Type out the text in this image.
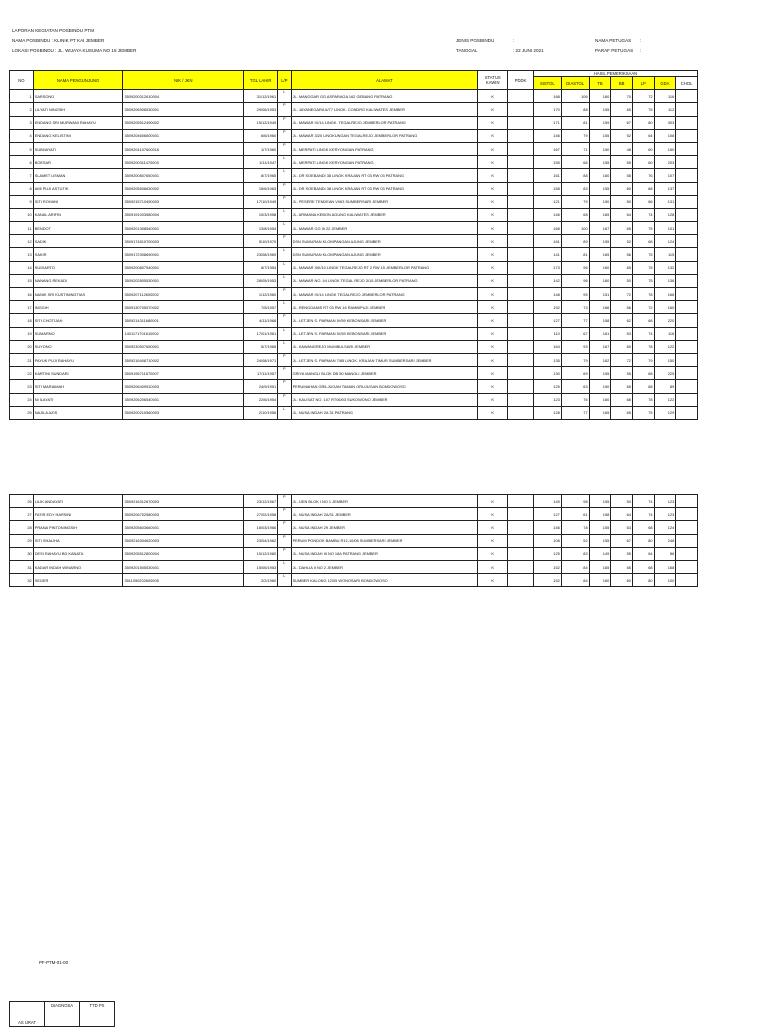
LAPORAN KEGIATAN POSBINDU PTM
NAMA POSBINDU : KLINIK PT KAI JEMBER
LOKASI POSBINDU : JL. WIJAYA KUSUMA NO 15 JEMBER
JENIS POSBINDU	:
TANGGAL	: 22 JUNI 2021
NAMA PETUGAS :
PARAF PETUGAS :
NO	NAMA PENGUNJUNG	NIK / JKN	TGL LAHIR	L/P	ALAMAT	STATUS KAWIN	PDDK	HASIL PEMERIKSAAN						
								SISTOL	DIASTOL	TB	BB	LP	GDA	CHOL
1	SARSONO	3509200312610004	31/12/1961	L	JL. MANGGAR GG ASPARAGA 162 GEBANG PATRANG	K		168	106	160	70	72	116	
2	LILYATI NINGSIH	3509206906530001	29/06/1953	P	JL. JAYANEGARA 6/77 LINGK. CONDRO KALIWATES JEMBER	K		170	88	155	65	75	112	
3	ENDANG SRI MURWANI RAHAYU	3509205512490002	15/12/1949	P	JL. MAWAR IX/14 LINGK. TEGALREJO JEMBERLOR PATRANG	K		171	81	159	67	80	303	
4	ENDANG KELISTINI	3509204606600001	6/6/1960	P	JL. MAWAR 3/20 LINGKUNGAN TEGALREJO JEMBERLOR PATRANG	K		146	79	155	52	64	108	
5	SUBHAYATI	3509204107600016	1/7/1960	P	JL. MERPATI LINGK KERYONGAN PATRANG	K		167	71	150	48	60	150	
6	BOESAR	3509200311470003	1/11/1947	L	JL. MERPATI LINGK KERYONGAN PATRANG	K		155	66	155	55	60	203	
7	SLAMET USMAN	3509200807650001	8/7/1965	L	JL. DR SOEBANDI 38 LINGK KRAJAN RT 03 RW 03 PATRANG	K		161	88	160	58	76	107	
8	AMI PUJI ASTUTIK	3509205506630002	15/6/1963	P	JL. DR SOEBANDI 38 LINGK KRAJAN RT 03 RW 03 PATRANG	K		158	83	155	60	68	137	
9	SITI ROHANI	3509215710490003	17/10/1949	P	JL. PESERE TENDEAN VI/63 SUMBERSARI JEMBER	K		121	79	150	50	66	131	
10	KANAL ARIFIN	3509191003580004	10/3/1958	L	JL. ARIMANA KEBON AGUNG KALIWATES JEMBER	K		146	68	165	64	74	128	
11	BENDOT	3509201308540001	13/8/1954	L	JL. MAWAR GG III 22 JEMBER	K		168	100	167	65	75	101	
12	SADIK	3509174510700003	5/10/1970	P	DSN SUMURAN KLOMPANGAN AJUNG JEMBER	K		161	89	155	52	68	124	
13	SAKIR	3509172308690001	23/08/1969	L	DSN SUMURAN KLOMPANGAN AJUNG JEMBER	K		141	81	165	56	75	115	
14	SUGIARTO	3509200807540001	8/7/1954	L	JL. MAWAR XIII/10 LINGK TEGALREJO RT 2 RW 15 JEMBERLOR PATRANG	K		173	96	160	65	75	132	
15	NANANG REKADI	3509202805530001	28/05/1953	L	JL. MAWAR NO. 44 LINGK TEGAL REJO 3/15 JEMBERLOR PATRANG	K		142	96	160	50	75	136	
16	NANIK SRI KUSTININGTIAS	3509207112600002	1/12/1960	P	JL. MAWAR IX/14 LINGK TEGALREJO JEMBERLOR PATRANG	K		148	95	151	72	78	168	
17	INGGIH	3509130705570002	7/5/1957	L	JL. RENGGANIS RT 03 RW 16 RAMBIPUJI JEMBER	K		152	73	166	56	72	160	
18	SITI CHOTIJAH	3509214311680001	4/11/1968	P	JL. LETJEN S. PARMAN IV/59 KEBONSARI JEMBER	K		127	77	158	62	68	220	
19	SUMARNO	1401171701610002	17/01/1961	L	JL. LETJEN S. PARMAN IV/59 KEBONSARI JEMBER	K		110	67	161	53	74	116	
20	SUYONO	3509230507650001	5/7/1965	L	JL. KAWANGREJO MUMBULSARI JEMBER	K		164	93	167	60	78	122	
21	PAYUK PUJI RAHAYU	3509216408710002	24/08/1971	P	JL. LETJEN S. PARMAN 7/85 LINGK. KRAJAN TIMUR SUMBERSARI JEMBER	K		135	79	162	72	79	150	
22	KARTINI SUNDARI	3509195711570007	17/11/1957	P	GRIYA MANGLI BLOK DB 50 MANGLI JEMBER	K		130	69	155	55	68	225	
23	SITI MARIAMAH	3509206409510003	24/9/1951	P	PERUMAHAN GRILJUGAN TAMAN GRUJUGAN BONDOWOSO	K		125	63	150	65	68	89	
24	NI ILAYATI	3509206206540001	22/6/1954	P	JL. KALISAT NO. 107 RT06/03 SUKOWONO JEMBER	K		123	76	160	68	78	122	
25	NAJILA AZIS	3509200210560003	2/10/1956	L	JL. NUSA INDAH 2A 31 PATRANG	K		128	77	165	65	75	129	
26	LILIK ANDAYATI	3509216312670003	23/12/1967	P	JL. IJEN BLOK I NO 1 JEMBER	K		149	98	155	50	74	123	
27	FATIR EDY HARSINI	3509206702580003	27/02/1958	P	JL. NUSA INDAH 2A/31 JEMBER	K		127	61	158	64	74	123	
28	PRANA PINTONINGSIH	3509205603660001	16/03/1966	P	JL. NUSA INDAH 29 JEMBER	K		146	78	155	63	68	124	
29	SITI SHALIHA	3509216304620003	23/04/1962	P	PERUM PONDOK BAMBU R12-10/08 SUMBERSARI JEMBER	K		108	52	155	67	80	248	
30	DESI RAHAYU BD KANATA	3509205512800004	15/12/1980	P	JL. NUSA INDAH III NO 18A PATRANG JEMBER	K		125	83	149	55	64	86	
31	KADAR INDAH WINARNO	3509201505530001	15/05/1953	L	JL. DAHLIA II NO 2 JEMBER	K		152	84	165	65	68	168	
32	SEGER	3511090202600005	2/2/1960	L	SUMBER KALONG 12/05 WONOSARI BONDOWOSO	K		152	84	160	60	80	100	
PF-PTM-01-00
AS URAT	DIAGNOSA	TTD PX
